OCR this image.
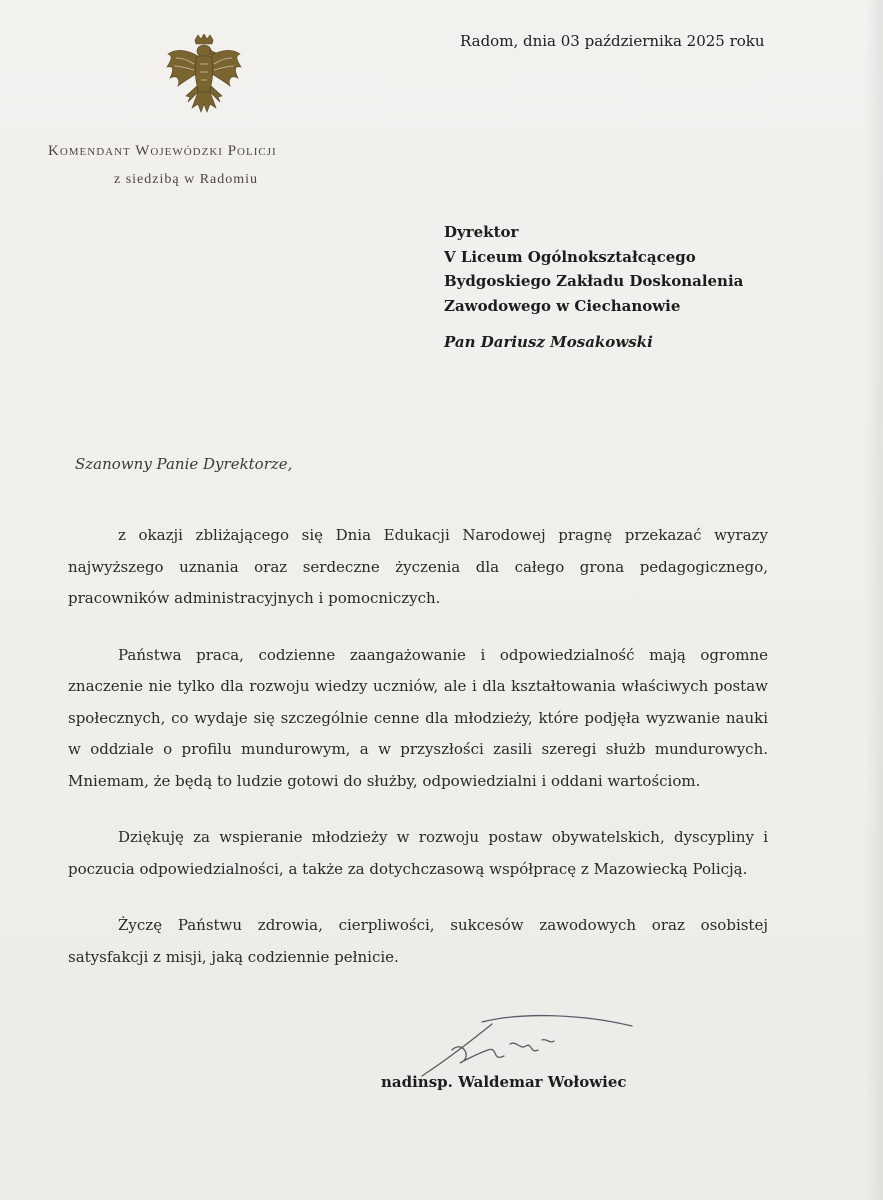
Komendant Wojewódzki Policji
z siedzibą w Radomiu
Radom, dnia 03 października 2025 roku
Dyrektor
V Liceum Ogólnokształcącego
Bydgoskiego Zakładu Doskonalenia
Zawodowego w Ciechanowie
Pan Dariusz Mosakowski
Szanowny Panie Dyrektorze,

z okazji zbliżającego się Dnia Edukacji Narodowej pragnę przekazać wyrazy najwyższego uznania oraz serdeczne życzenia dla całego grona pedagogicznego, pracowników administracyjnych i pomocniczych.

Państwa praca, codzienne zaangażowanie i odpowiedzialność mają ogromne znaczenie nie tylko dla rozwoju wiedzy uczniów, ale i dla kształtowania właściwych postaw społecznych, co wydaje się szczególnie cenne dla młodzieży, które podjęła wyzwanie nauki w oddziale o profilu mundurowym, a w przyszłości zasili szeregi służb mundurowych. Mniemam, że będą to ludzie gotowi do służby, odpowiedzialni i oddani wartościom.

Dziękuję za wspieranie młodzieży w rozwoju postaw obywatelskich, dyscypliny i poczucia odpowiedzialności, a także za dotychczasową współpracę z Mazowiecką Policją.

Życzę Państwu zdrowia, cierpliwości, sukcesów zawodowych oraz osobistej satysfakcji z misji, jaką codziennie pełnicie.

nadinsp. Waldemar Wołowiec
